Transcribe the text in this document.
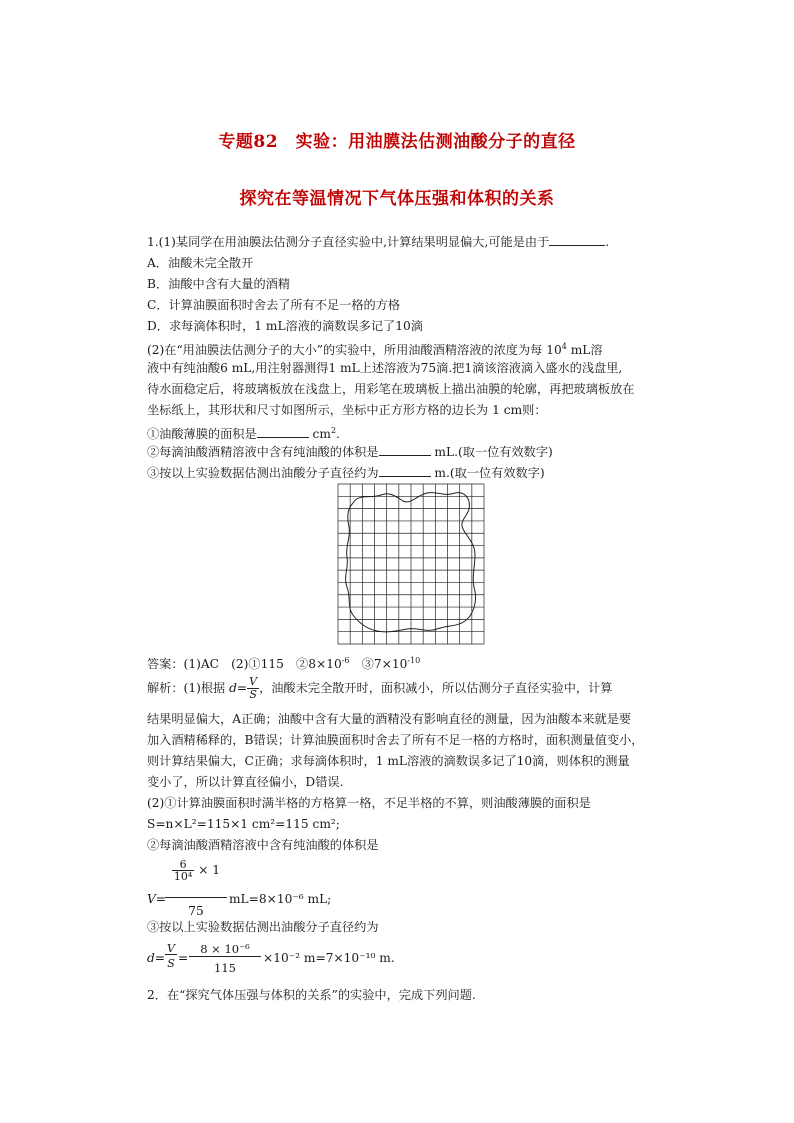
专题82　实验：用油膜法估测油酸分子的直径
探究在等温情况下气体压强和体积的关系
1.(1)某同学在用油膜法估测分子直径实验中,计算结果明显偏大,可能是由于	.
A．油酸未完全散开
B．油酸中含有大量的酒精
C．计算油膜面积时舍去了所有不足一格的方格
D．求每滴体积时，1 mL溶液的滴数误多记了10滴
(2)在“用油膜法估测分子的大小”的实验中，所用油酸酒精溶液的浓度为每 $10^4$ mL溶
液中有纯油酸6 mL,用注射器测得1 mL上述溶液为75滴.把1滴该溶液滴入盛水的浅盘里,
待水面稳定后，将玻璃板放在浅盘上，用彩笔在玻璃板上描出油膜的轮廓，再把玻璃板放在
坐标纸上，其形状和尺寸如图所示，坐标中正方形方格的边长为 1 cm则：
①油酸薄膜的面积是	$cm^2$.
②每滴油酸酒精溶液中含有纯油酸的体积是	mL.(取一位有效数字)
③按以上实验数据估测出油酸分子直径约为	m.(取一位有效数字)
答案：(1)AC　(2)①115　$②8\times 10^{-6}$　$③7\times 10^{-10}$
解析：(1)根据 $d= \frac{V}{S}$ ，油酸未完全散开时，面积减小，所以估测分子直径实验中，计算
结果明显偏大，A正确；油酸中含有大量的酒精没有影响直径的测量，因为油酸本来就是要
加入酒精稀释的，B错误；计算油膜面积时舍去了所有不足一格的方格时，面积测量值变小，
则计算结果偏大，C正确；求每滴体积时，1 mL溶液的滴数误多记了10滴，则体积的测量
变小了，所以计算直径偏小，D错误.
(2)①计算油膜面积时满半格的方格算一格，不足半格的不算，则油酸薄膜的面积是
S=n×L²=115×1 cm²=115 cm²;
②每滴油酸酒精溶液中含有纯油酸的体积是
V=
$\frac{6}{\text{10⁴}} \times 1$
75
mL=8×10⁻⁶ mL;
③按以上实验数据估测出油酸分子直径约为
d=
V
S =
8 × 10⁻⁶
115
×10⁻² m=7×10⁻¹⁰ m.
2．在“探究气体压强与体积的关系”的实验中，完成下列问题.
